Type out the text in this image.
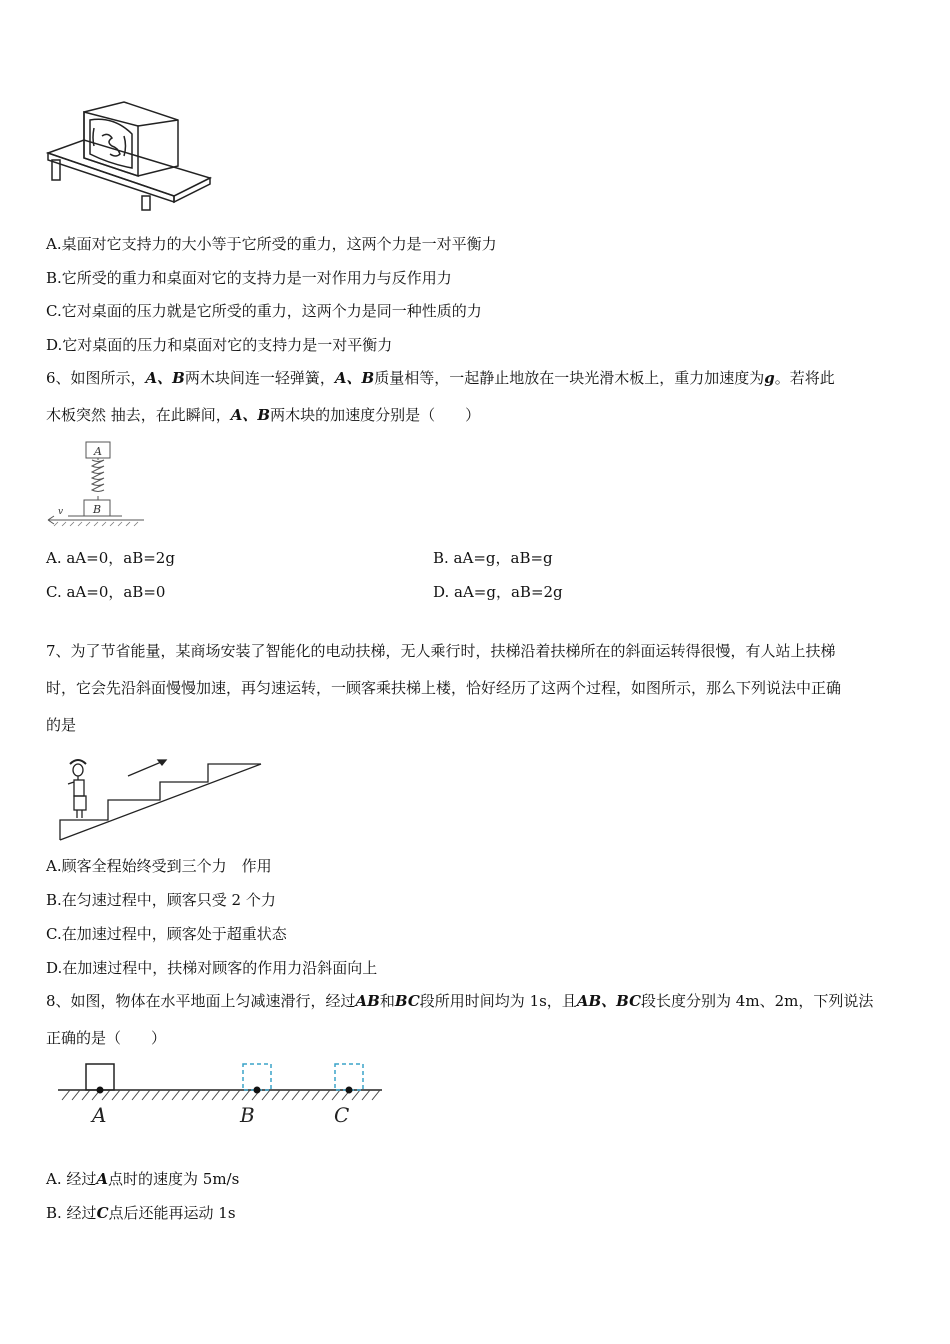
A.桌面对它支持力的大小等于它所受的重力，这两个力是一对平衡力
B.它所受的重力和桌面对它的支持力是一对作用力与反作用力
C.它对桌面的压力就是它所受的重力，这两个力是同一种性质的力
D.它对桌面的压力和桌面对它的支持力是一对平衡力
6、如图所示，A、B两木块间连一轻弹簧，A、B质量相等，一起静止地放在一块光滑木板上，重力加速度为g。若将此
木板突然 抽去，在此瞬间，A、B两木块的加速度分别是（　　）
A
B
v
A. aA=0，aB=2g	B. aA=g，aB=g
C. aA=0，aB=0	D. aA=g，aB=2g
7、为了节省能量，某商场安装了智能化的电动扶梯，无人乘行时，扶梯沿着扶梯所在的斜面运转得很慢，有人站上扶梯
时，它会先沿斜面慢慢加速，再匀速运转，一顾客乘扶梯上楼，恰好经历了这两个过程，如图所示，那么下列说法中正确
的是
A.顾客全程始终受到三个力　作用
B.在匀速过程中，顾客只受 2 个力
C.在加速过程中，顾客处于超重状态
D.在加速过程中，扶梯对顾客的作用力沿斜面向上
8、如图，物体在水平地面上匀减速滑行，经过AB和BC段所用时间均为 1s，且AB、BC段长度分别为 4m、2m，下列说法
正确的是（　　）
A	B	C
A. 经过A点时的速度为 5m/s
B. 经过C点后还能再运动 1s
